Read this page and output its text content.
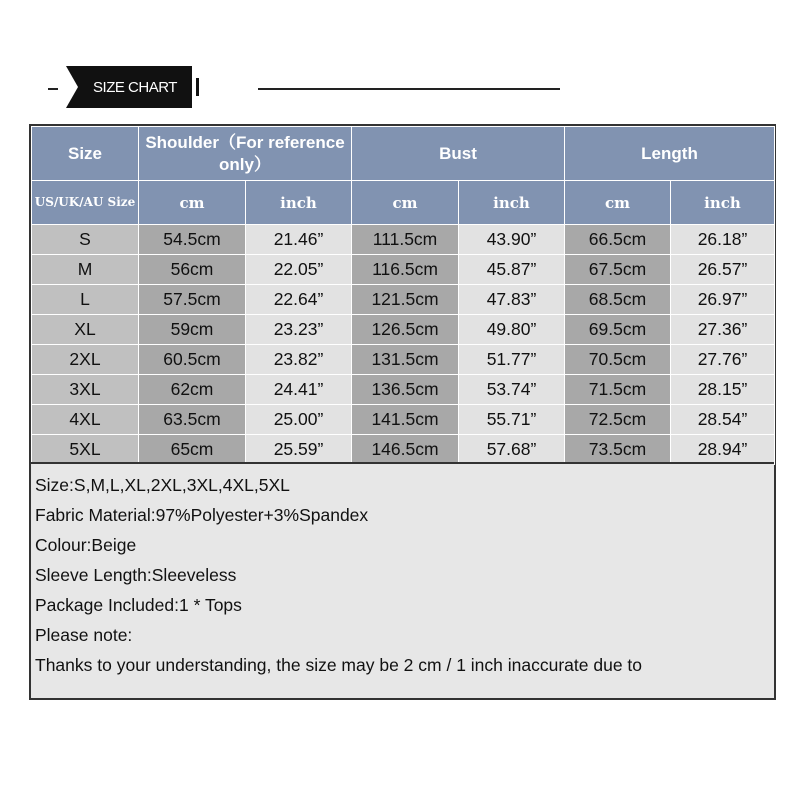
SIZE CHART
Size	Shoulder（For reference only）		Bust		Length	
US/UK/AU Size	cm	inch	cm	inch	cm	inch
S	54.5cm	21.46”	111.5cm	43.90”	66.5cm	26.18”
M	56cm	22.05”	116.5cm	45.87”	67.5cm	26.57”
L	57.5cm	22.64”	121.5cm	47.83”	68.5cm	26.97”
XL	59cm	23.23”	126.5cm	49.80”	69.5cm	27.36”
2XL	60.5cm	23.82”	131.5cm	51.77”	70.5cm	27.76”
3XL	62cm	24.41”	136.5cm	53.74”	71.5cm	28.15”
4XL	63.5cm	25.00”	141.5cm	55.71”	72.5cm	28.54”
5XL	65cm	25.59”	146.5cm	57.68”	73.5cm	28.94”
Size:S,M,L,XL,2XL,3XL,4XL,5XL
Fabric Material:97%Polyester+3%Spandex
Colour:Beige
Sleeve Length:Sleeveless
Package Included:1 * Tops
Please note:
Thanks to your understanding, the size may be 2 cm / 1 inch inaccurate due to
